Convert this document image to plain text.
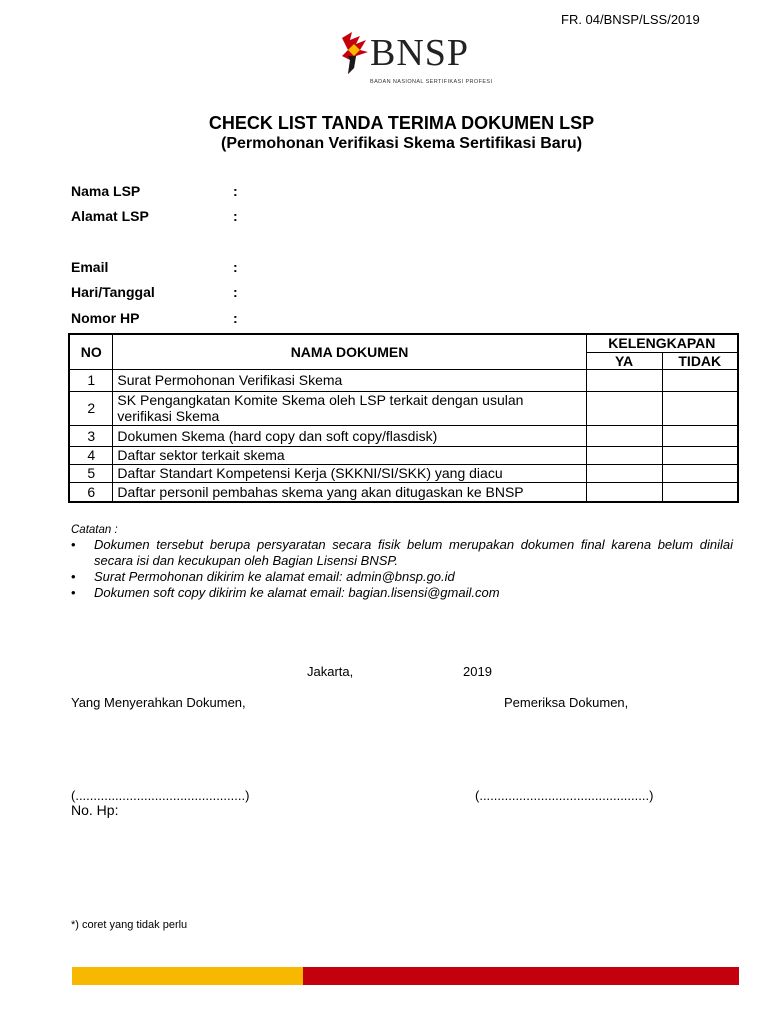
FR. 04/BNSP/LSS/2019
BNSP
BADAN NASIONAL SERTIFIKASI PROFESI
CHECK LIST TANDA TERIMA DOKUMEN LSP
(Permohonan Verifikasi Skema Sertifikasi Baru)
Nama LSP	:
Alamat LSP	:
Email	:
Hari/Tanggal	:
Nomor HP	:
NO	NAMA DOKUMEN	KELENGKAPAN	
		YA	TIDAK
1	Surat Permohonan Verifikasi Skema		
2	SK Pengangkatan Komite Skema oleh LSP terkait dengan usulan verifikasi Skema		
3	Dokumen Skema (hard copy dan soft copy/flasdisk)		
4	Daftar sektor terkait skema		
5	Daftar Standart Kompetensi Kerja (SKKNI/SI/SKK) yang diacu		
6	Daftar personil pembahas skema yang akan ditugaskan ke BNSP		
Catatan :
• Dokumen tersebut berupa persyaratan secara fisik belum merupakan dokumen final karena belum dinilai secara isi dan kecukupan oleh Bagian Lisensi BNSP.
• Surat Permohonan dikirim ke alamat email: admin@bnsp.go.id
• Dokumen soft copy dikirim ke alamat email: bagian.lisensi@gmail.com
Jakarta,	2019
Yang Menyerahkan Dokumen,	Pemeriksa Dokumen,
(...............................................)	(...............................................)
No. Hp:
*) coret yang tidak perlu
